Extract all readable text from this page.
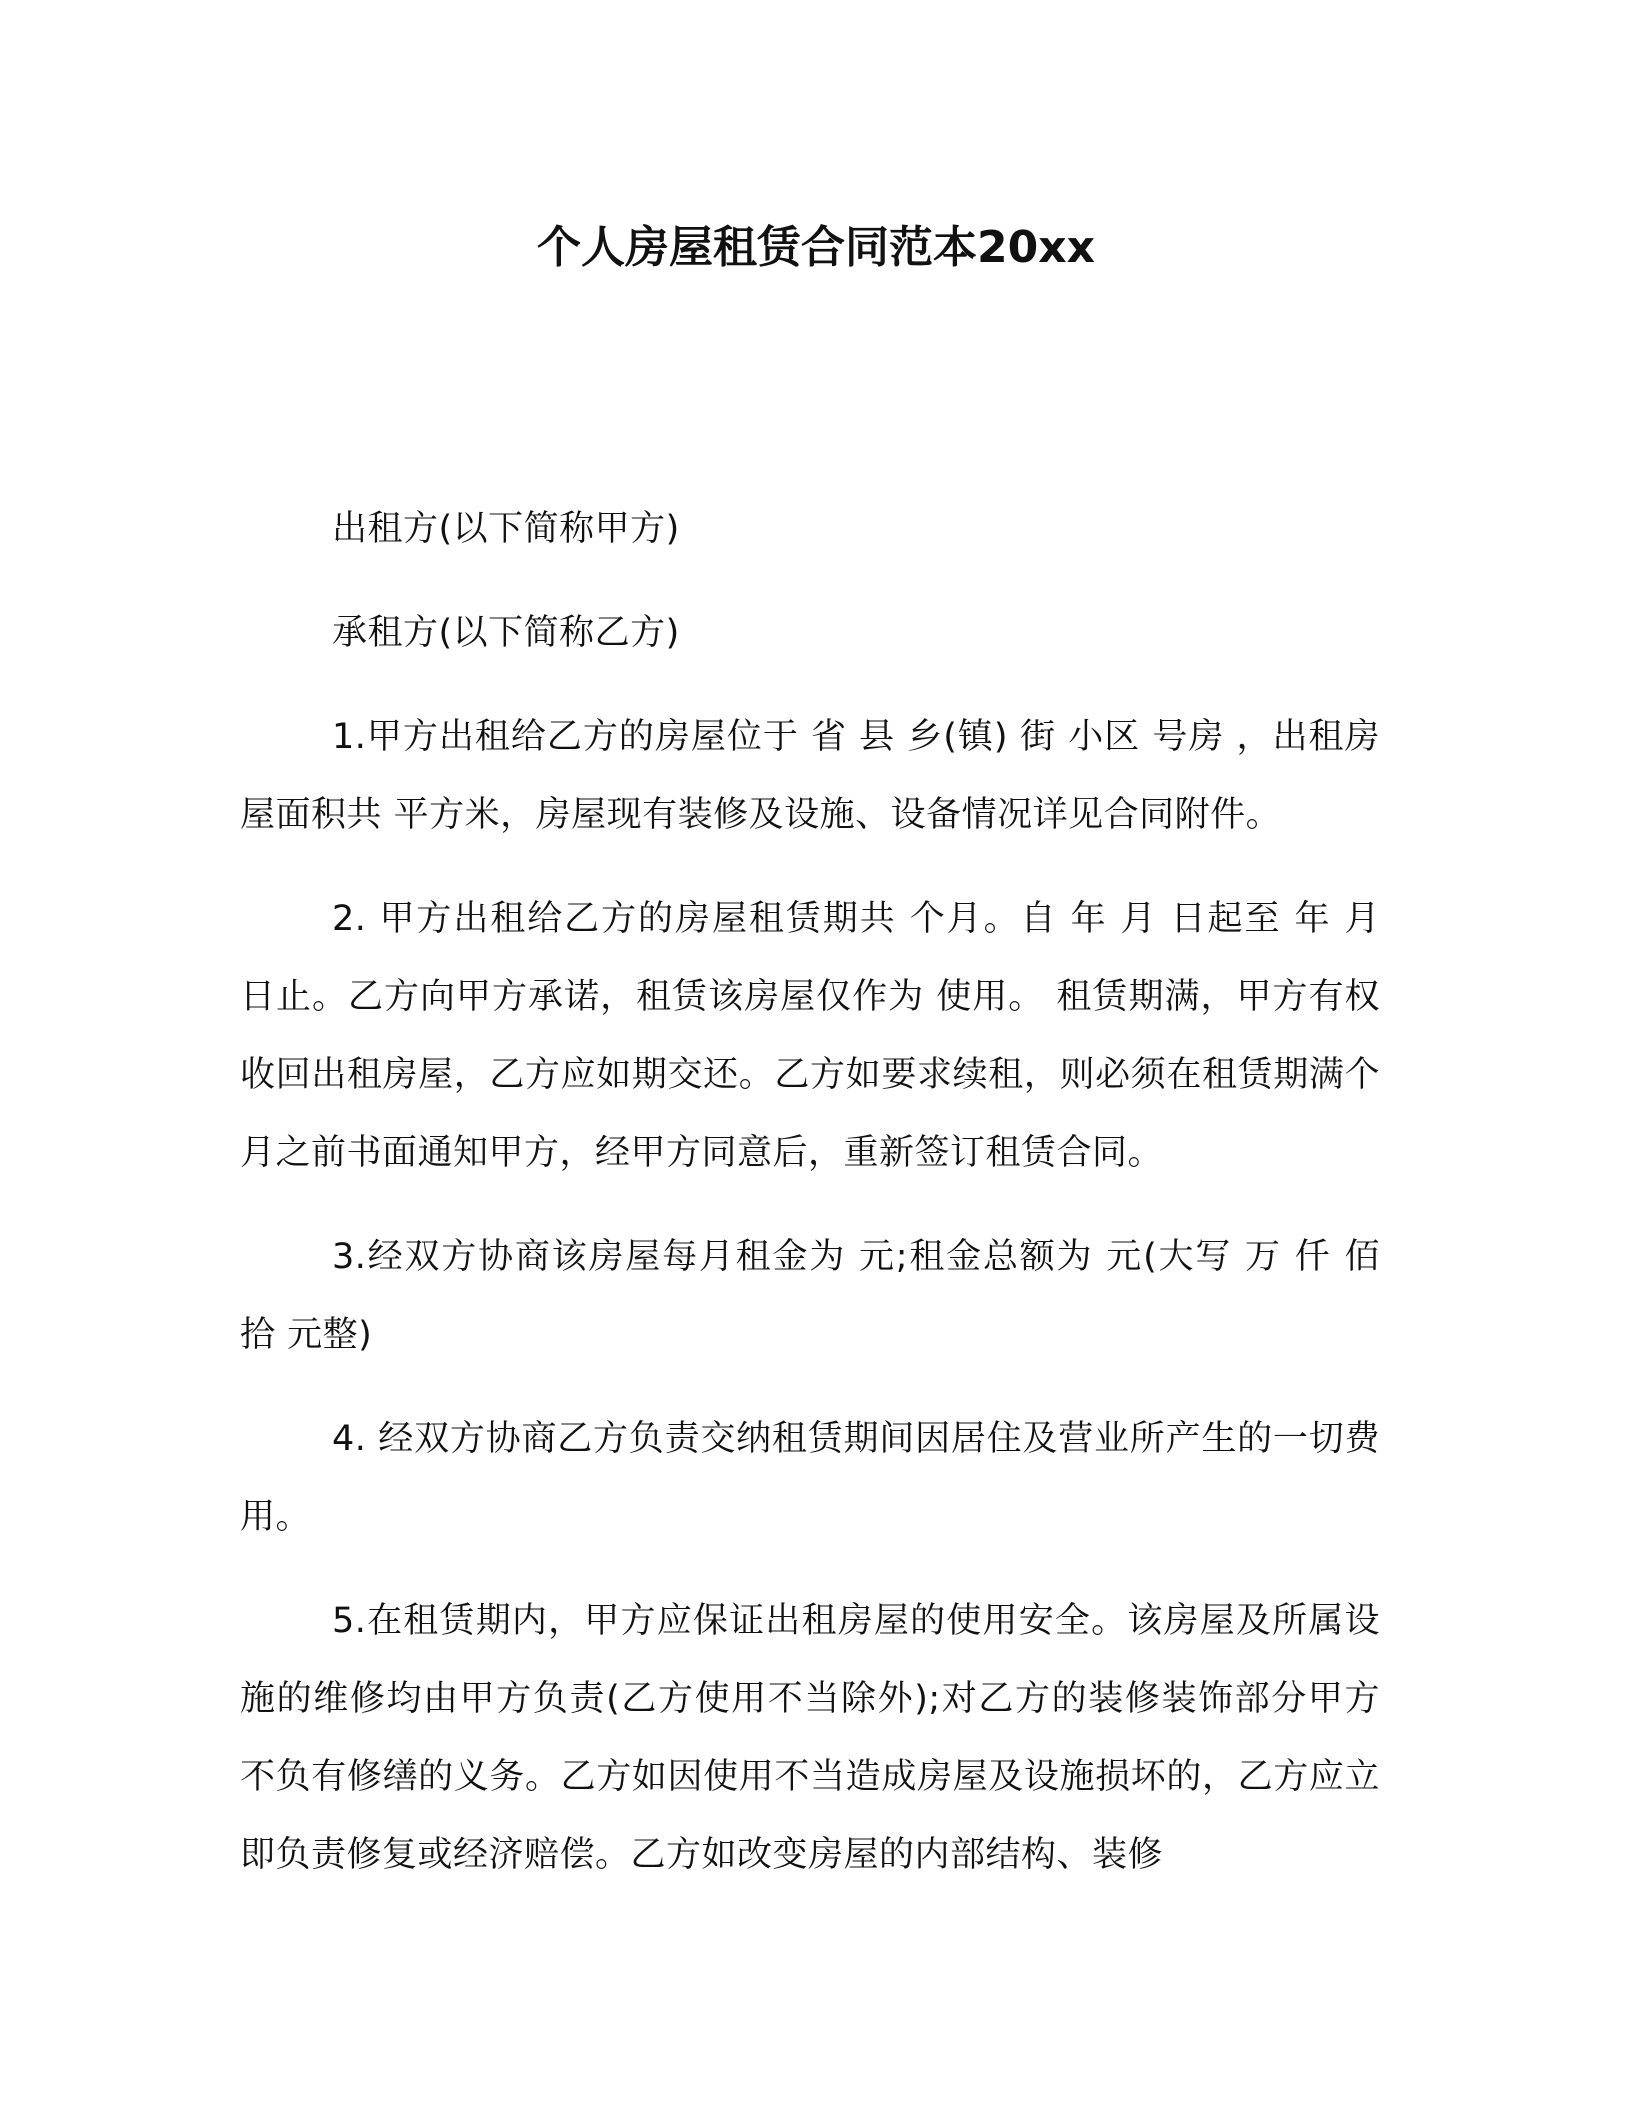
个人房屋租赁合同范本20xx

出租方(以下简称甲方)

承租方(以下简称乙方)

1.甲方出租给乙方的房屋位于 省 县 乡(镇) 街 小区 号房 ，出租房屋面积共 平方米，房屋现有装修及设施、设备情况详见合同附件。

2. 甲方出租给乙方的房屋租赁期共 个月。自 年 月 日起至 年 月 日止。乙方向甲方承诺，租赁该房屋仅作为 使用。 租赁期满，甲方有权收回出租房屋，乙方应如期交还。乙方如要求续租，则必须在租赁期满个月之前书面通知甲方，经甲方同意后，重新签订租赁合同。

3.经双方协商该房屋每月租金为 元;租金总额为 元(大写 万 仟 佰 拾 元整)

4. 经双方协商乙方负责交纳租赁期间因居住及营业所产生的一切费用。

5.在租赁期内，甲方应保证出租房屋的使用安全。该房屋及所属设施的维修均由甲方负责(乙方使用不当除外);对乙方的装修装饰部分甲方不负有修缮的义务。乙方如因使用不当造成房屋及设施损坏的，乙方应立即负责修复或经济赔偿。乙方如改变房屋的内部结构、装修
